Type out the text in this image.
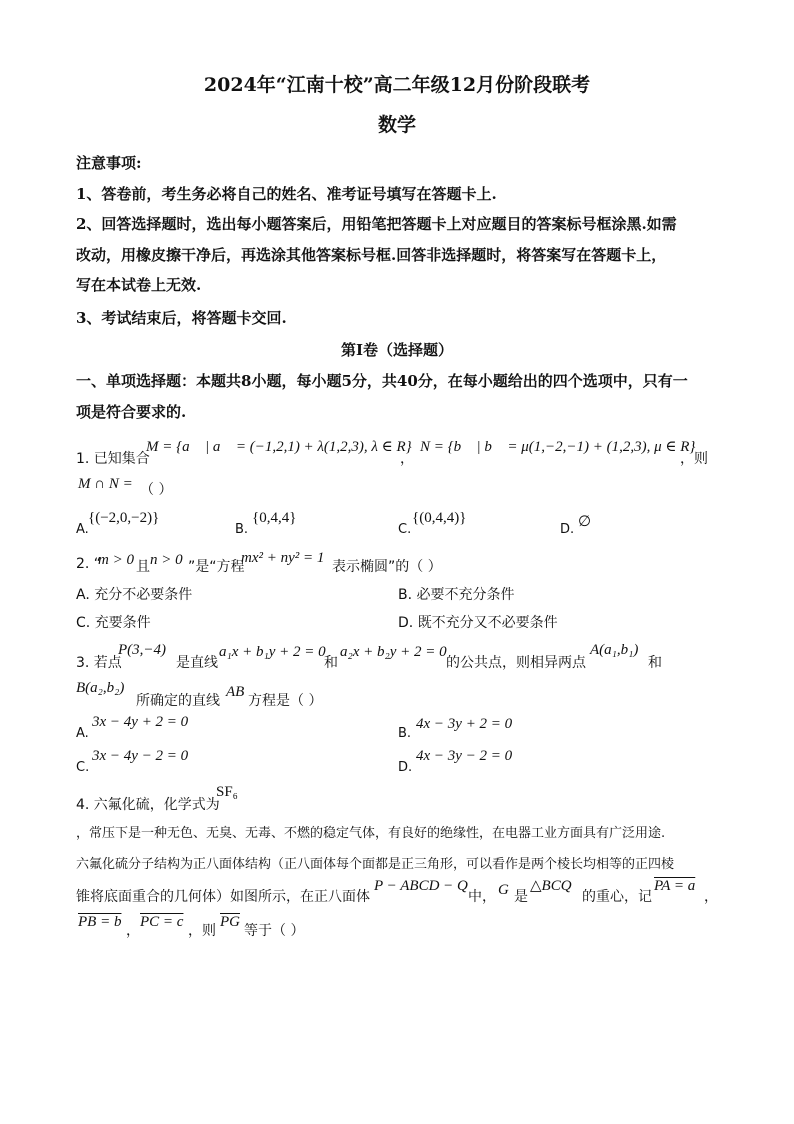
2024年“江南十校”高二年级12月份阶段联考
数学
注意事项:
1、答卷前，考生务必将自己的姓名、准考证号填写在答题卡上.
2、回答选择题时，选出每小题答案后，用铅笔把答题卡上对应题目的答案标号框涂黑.如需
改动，用橡皮擦干净后，再选涂其他答案标号框.回答非选择题时，将答案写在答题卡上，
写在本试卷上无效.
3、考试结束后，将答题卡交回.
第I卷（选择题）
一、单项选择题：本题共8小题，每小题5分，共40分，在每小题给出的四个选项中，只有一
项是符合要求的.
1. 已知集合
M = {a⃗ | a⃗ = (−1,2,1) + λ(1,2,3), λ ∈ R}
，
N = {b⃗ | b⃗ = μ(1,−2,−1) + (1,2,3), μ ∈ R}
，则
M ∩ N = （ ）
A.
{(−2,0,−2)}
B.
{0,4,4}
C.
{(0,4,4)}
D. ∅
2. “
m > 0 且 n > 0 ”是“方程
mx² + ny² = 1
表示椭圆”的（ ）
A. 充分不必要条件	B. 必要不充分条件
C. 充要条件	D. 既不充分又不必要条件
3. 若点
P(3,−4)
是直线
a₁x + b₁y + 2 = 0
和
a₂x + b₂y + 2 = 0
的公共点，则相异两点
A(a₁,b₁)
和
B(a₂,b₂)
所确定的直线
AB
方程是（ ）
A.
3x − 4y + 2 = 0
B.
4x − 3y + 2 = 0
C.
3x − 4y − 2 = 0
D.
4x − 3y − 2 = 0
4. 六氟化硫，化学式为
SF₆
，常压下是一种无色、无臭、无毒、不燃的稳定气体，有良好的绝缘性，在电器工业方面具有广泛用途.
六氟化硫分子结构为正八面体结构（正八面体每个面都是正三角形，可以看作是两个棱长均相等的正四棱
锥将底面重合的几何体）如图所示，在正八面体
P − ABCD − Q
中， G 是
△BCQ
的重心，记
PA = a
，
PB = b
，
PC = c
，则
$\overline{PG}$
等于（ ）
